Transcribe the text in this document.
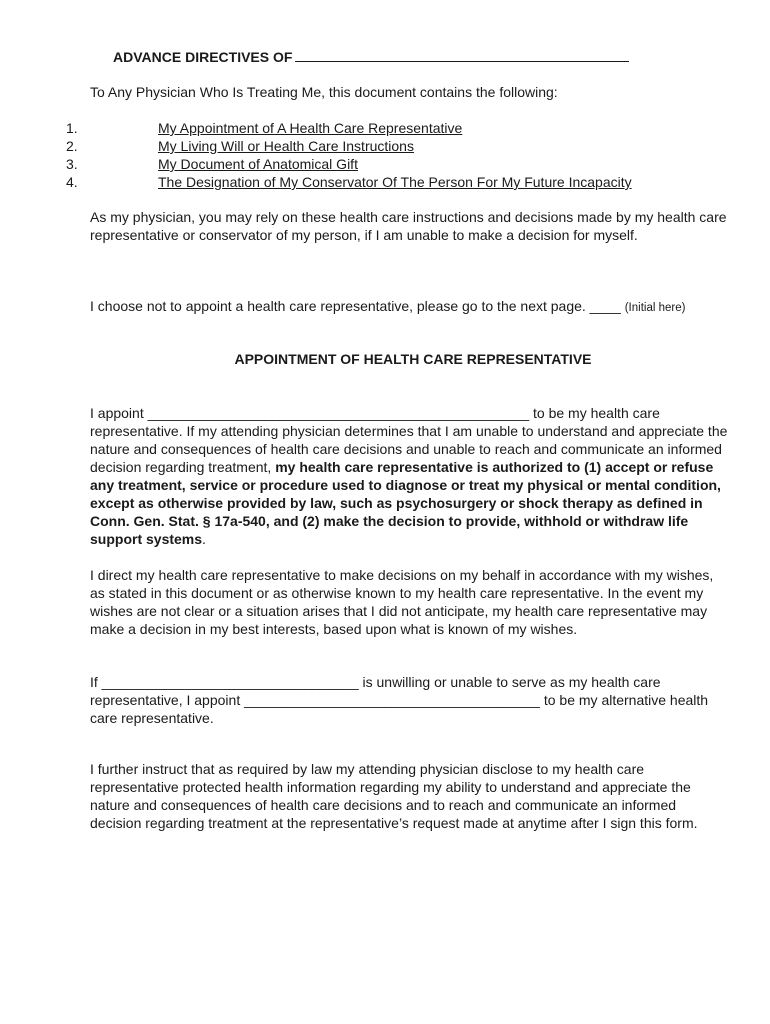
ADVANCE DIRECTIVES OF
To Any Physician Who Is Treating Me, this document contains the following:
1.	My Appointment of A Health Care Representative
2.	My Living Will or Health Care Instructions
3.	My Document of Anatomical Gift
4.	The Designation of My Conservator Of The Person For My Future Incapacity
As my physician, you may rely on these health care instructions and decisions made by my health care representative or conservator of my person, if I am unable to make a decision for myself.
I choose not to appoint a health care representative, please go to the next page. ____ (Initial here)
APPOINTMENT OF HEALTH CARE REPRESENTATIVE
I appoint _________________________________________________ to be my health care representative. If my attending physician determines that I am unable to understand and appreciate the nature and consequences of health care decisions and unable to reach and communicate an informed decision regarding treatment, my health care representative is authorized to (1) accept or refuse any treatment, service or procedure used to diagnose or treat my physical or mental condition, except as otherwise provided by law, such as psychosurgery or shock therapy as defined in Conn. Gen. Stat. § 17a-540, and (2) make the decision to provide, withhold or withdraw life support systems.
I direct my health care representative to make decisions on my behalf in accordance with my wishes, as stated in this document or as otherwise known to my health care representative. In the event my wishes are not clear or a situation arises that I did not anticipate, my health care representative may make a decision in my best interests, based upon what is known of my wishes.
If _________________________________ is unwilling or unable to serve as my health care representative, I appoint ______________________________________ to be my alternative health care representative.
I further instruct that as required by law my attending physician disclose to my health care representative protected health information regarding my ability to understand and appreciate the nature and consequences of health care decisions and to reach and communicate an informed decision regarding treatment at the representative’s request made at anytime after I sign this form.
